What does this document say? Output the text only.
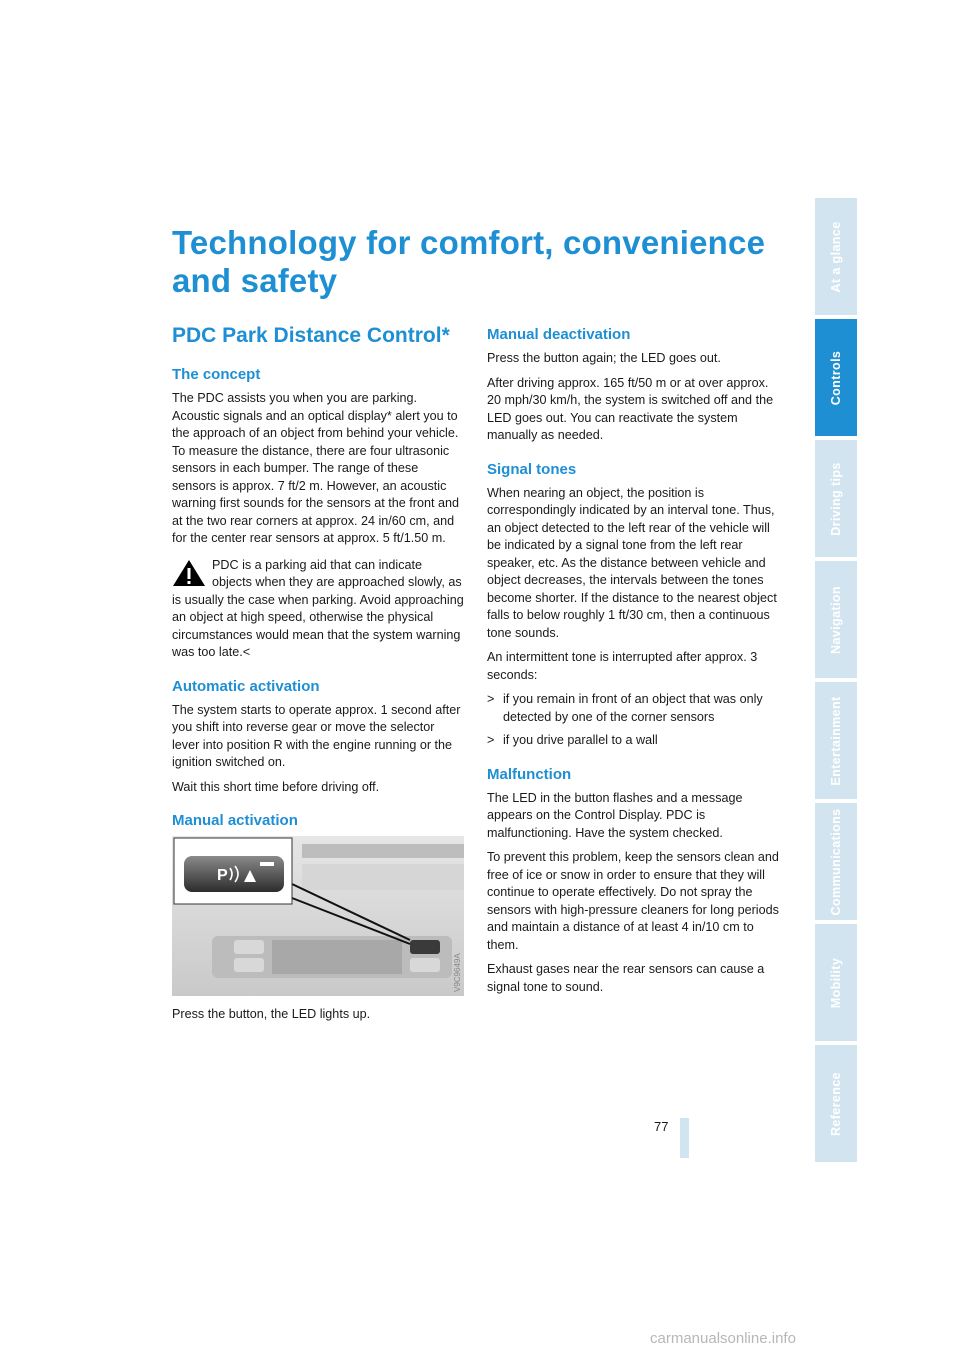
Technology for comfort, convenience and safety
PDC Park Distance Control*
The concept

The PDC assists you when you are parking. Acoustic signals and an optical display* alert you to the approach of an object from behind your vehicle. To measure the distance, there are four ultrasonic sensors in each bumper. The range of these sensors is approx. 7 ft/2 m. However, an acoustic warning first sounds for the sensors at the front and at the two rear corners at approx. 24 in/60 cm, and for the center rear sensors at approx. 5 ft/1.50 m.

PDC is a parking aid that can indicate objects when they are approached slowly, as is usually the case when parking. Avoid approaching an object at high speed, otherwise the physical circumstances would mean that the system warning was too late.<
Automatic activation

The system starts to operate approx. 1 second after you shift into reverse gear or move the selector lever into position R with the engine running or the ignition switched on.

Wait this short time before driving off.

Manual activation
P
V9C9649A

Press the button, the LED lights up.

Manual deactivation

Press the button again; the LED goes out.

After driving approx. 165 ft/50 m or at over approx. 20 mph/30 km/h, the system is switched off and the LED goes out. You can reactivate the system manually as needed.

Signal tones

When nearing an object, the position is correspondingly indicated by an interval tone. Thus, an object detected to the left rear of the vehicle will be indicated by a signal tone from the left rear speaker, etc. As the distance between vehicle and object decreases, the intervals between the tones become shorter. If the distance to the nearest object falls to below roughly 1 ft/30 cm, then a continuous tone sounds.

An intermittent tone is interrupted after approx. 3 seconds:

> if you remain in front of an object that was only detected by one of the corner sensors
> if you drive parallel to a wall
Malfunction

The LED in the button flashes and a message appears on the Control Display. PDC is malfunctioning. Have the system checked.

To prevent this problem, keep the sensors clean and free of ice or snow in order to ensure that they will continue to operate effectively. Do not spray the sensors with high-pressure cleaners for long periods and maintain a distance of at least 4 in/10 cm to them.

Exhaust gases near the rear sensors can cause a signal tone to sound.

77
At a glance
Controls
Driving tips
Navigation
Entertainment
Communications
Mobility
Reference
carmanualsonline.info
